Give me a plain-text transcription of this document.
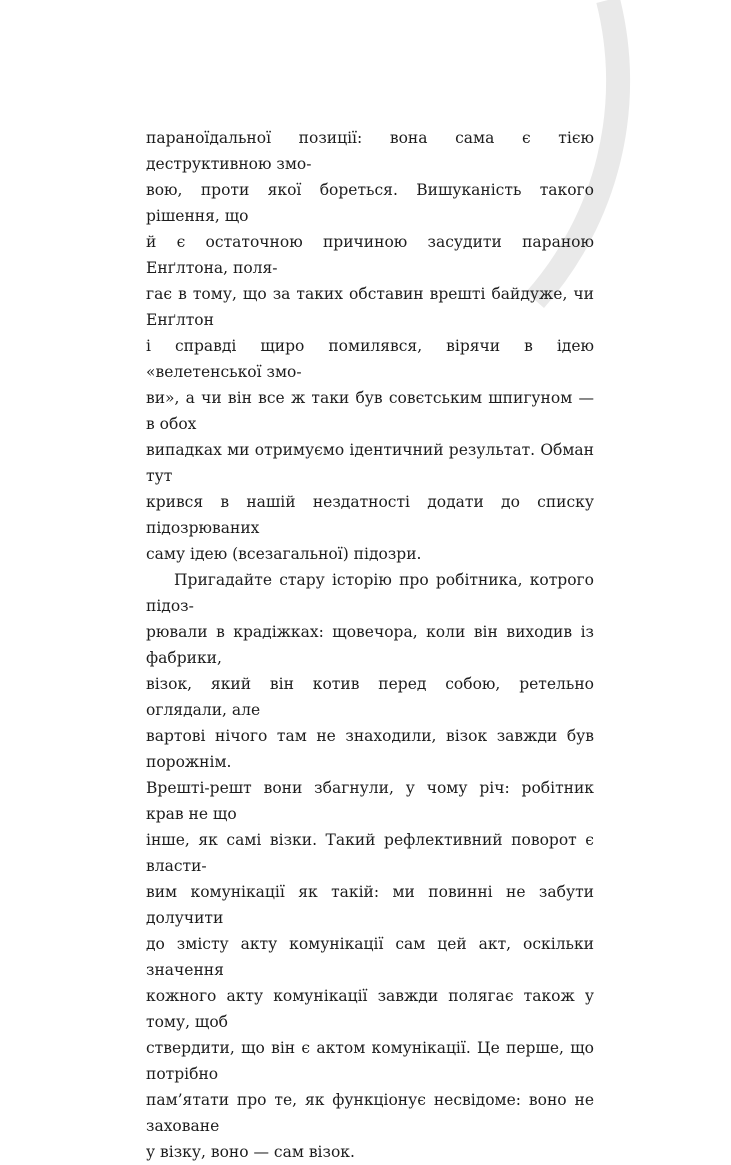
параноїдальної позиції: вона сама є тією деструктивною змо-
вою, проти якої бореться. Вишуканість такого рішення, що
й є остаточною причиною засудити параною Енґлтона, поля-
гає в тому, що за таких обставин врешті байдуже, чи Енґлтон
і справді щиро помилявся, вірячи в ідею «велетенської змо-
ви», а чи він все ж таки був совєтським шпигуном — в обох
випадках ми отримуємо ідентичний результат. Обман тут
крився в нашій нездатності додати до списку підозрюваних
саму ідею (всезагальної) підозри.

Пригадайте стару історію про робітника, котрого підоз-
рювали в крадіжках: щовечора, коли він виходив із фабрики,
візок, який він котив перед собою, ретельно оглядали, але
вартові нічого там не знаходили, візок завжди був порожнім.
Врешті-решт вони збагнули, у чому річ: робітник крав не що
інше, як самі візки. Такий рефлективний поворот є власти-
вим комунікації як такій: ми повинні не забути долучити
до змісту акту комунікації сам цей акт, оскільки значення
кожного акту комунікації завжди полягає також у тому, щоб
ствердити, що він є актом комунікації. Це перше, що потрібно
пам’ятати про те, як функціонує несвідоме: воно не заховане
у візку, воно — сам візок.
